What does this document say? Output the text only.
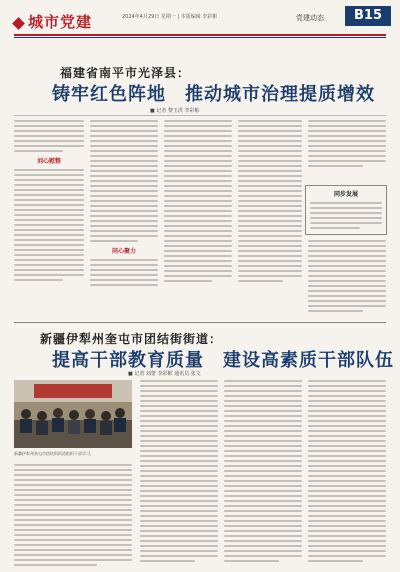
城市党建	2024年4月29日 星期一 | 本版编辑 李彩彬	党建动态	B15
福建省南平市光泽县：
铸牢红色阵地　推动城市治理提质增效
■ 记者 黎玉洪 李彩彬
刘心慰整
同心聚力
同步发展
新疆伊犁州奎屯市团结街街道：
提高干部教育质量　建设高素质干部队伍
■ 记者 刘蕾 李彩彬 通讯员 张文
新疆伊犁州奎屯市团结街街道组织干部学习。
